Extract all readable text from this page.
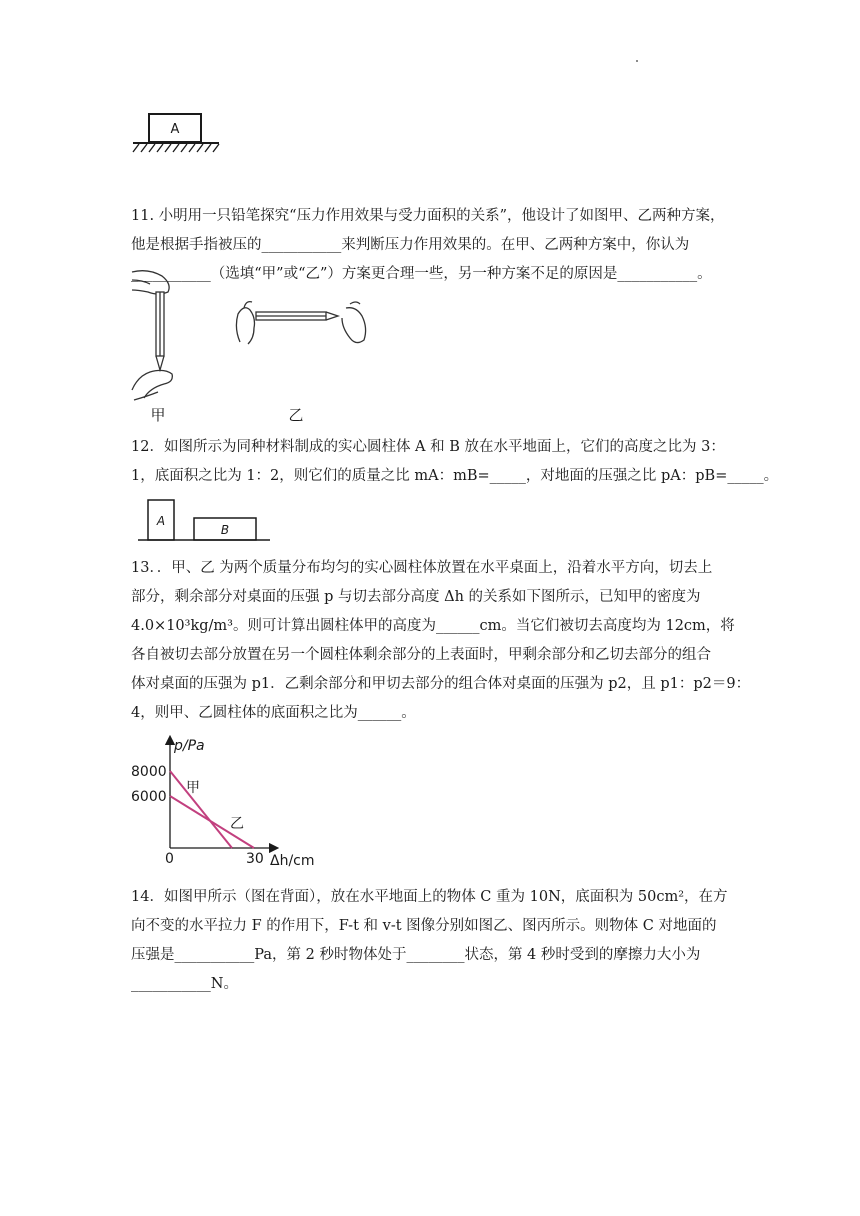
A

11. 小明用一只铅笔探究“压力作用效果与受力面积的关系”，他设计了如图甲、乙两种方案，

他是根据手指被压的___________来判断压力作用效果的。在甲、乙两种方案中，你认为

___________（选填“甲”或“乙”）方案更合理一些，另一种方案不足的原因是___________。

甲	乙

12．如图所示为同种材料制成的实心圆柱体 A 和 B 放在水平地面上，它们的高度之比为 3：

1，底面积之比为 1：2，则它们的质量之比 mA：mB=_____，对地面的压强之比 pA：pB=_____。

A
B

13．．甲、乙 为两个质量分布均匀的实心圆柱体放置在水平桌面上，沿着水平方向，切去上

部分，剩余部分对桌面的压强 p 与切去部分高度 Δh 的关系如下图所示，已知甲的密度为

4.0×10³kg/m³。则可计算出圆柱体甲的高度为______cm。当它们被切去高度均为 12cm，将

各自被切去部分放置在另一个圆柱体剩余部分的上表面时，甲剩余部分和乙切去部分的组合

体对桌面的压强为 p1．乙剩余部分和甲切去部分的组合体对桌面的压强为 p2，且 p1：p2＝9：

4，则甲、乙圆柱体的底面积之比为______。

p/Pa
Δh/cm
8000
6000
0	30
甲
乙

14．如图甲所示（图在背面），放在水平地面上的物体 C 重为 10N，底面积为 50cm²，在方

向不变的水平拉力 F 的作用下，F-t 和 v-t 图像分别如图乙、图丙所示。则物体 C 对地面的

压强是___________Pa，第 2 秒时物体处于________状态，第 4 秒时受到的摩擦力大小为

___________N。
